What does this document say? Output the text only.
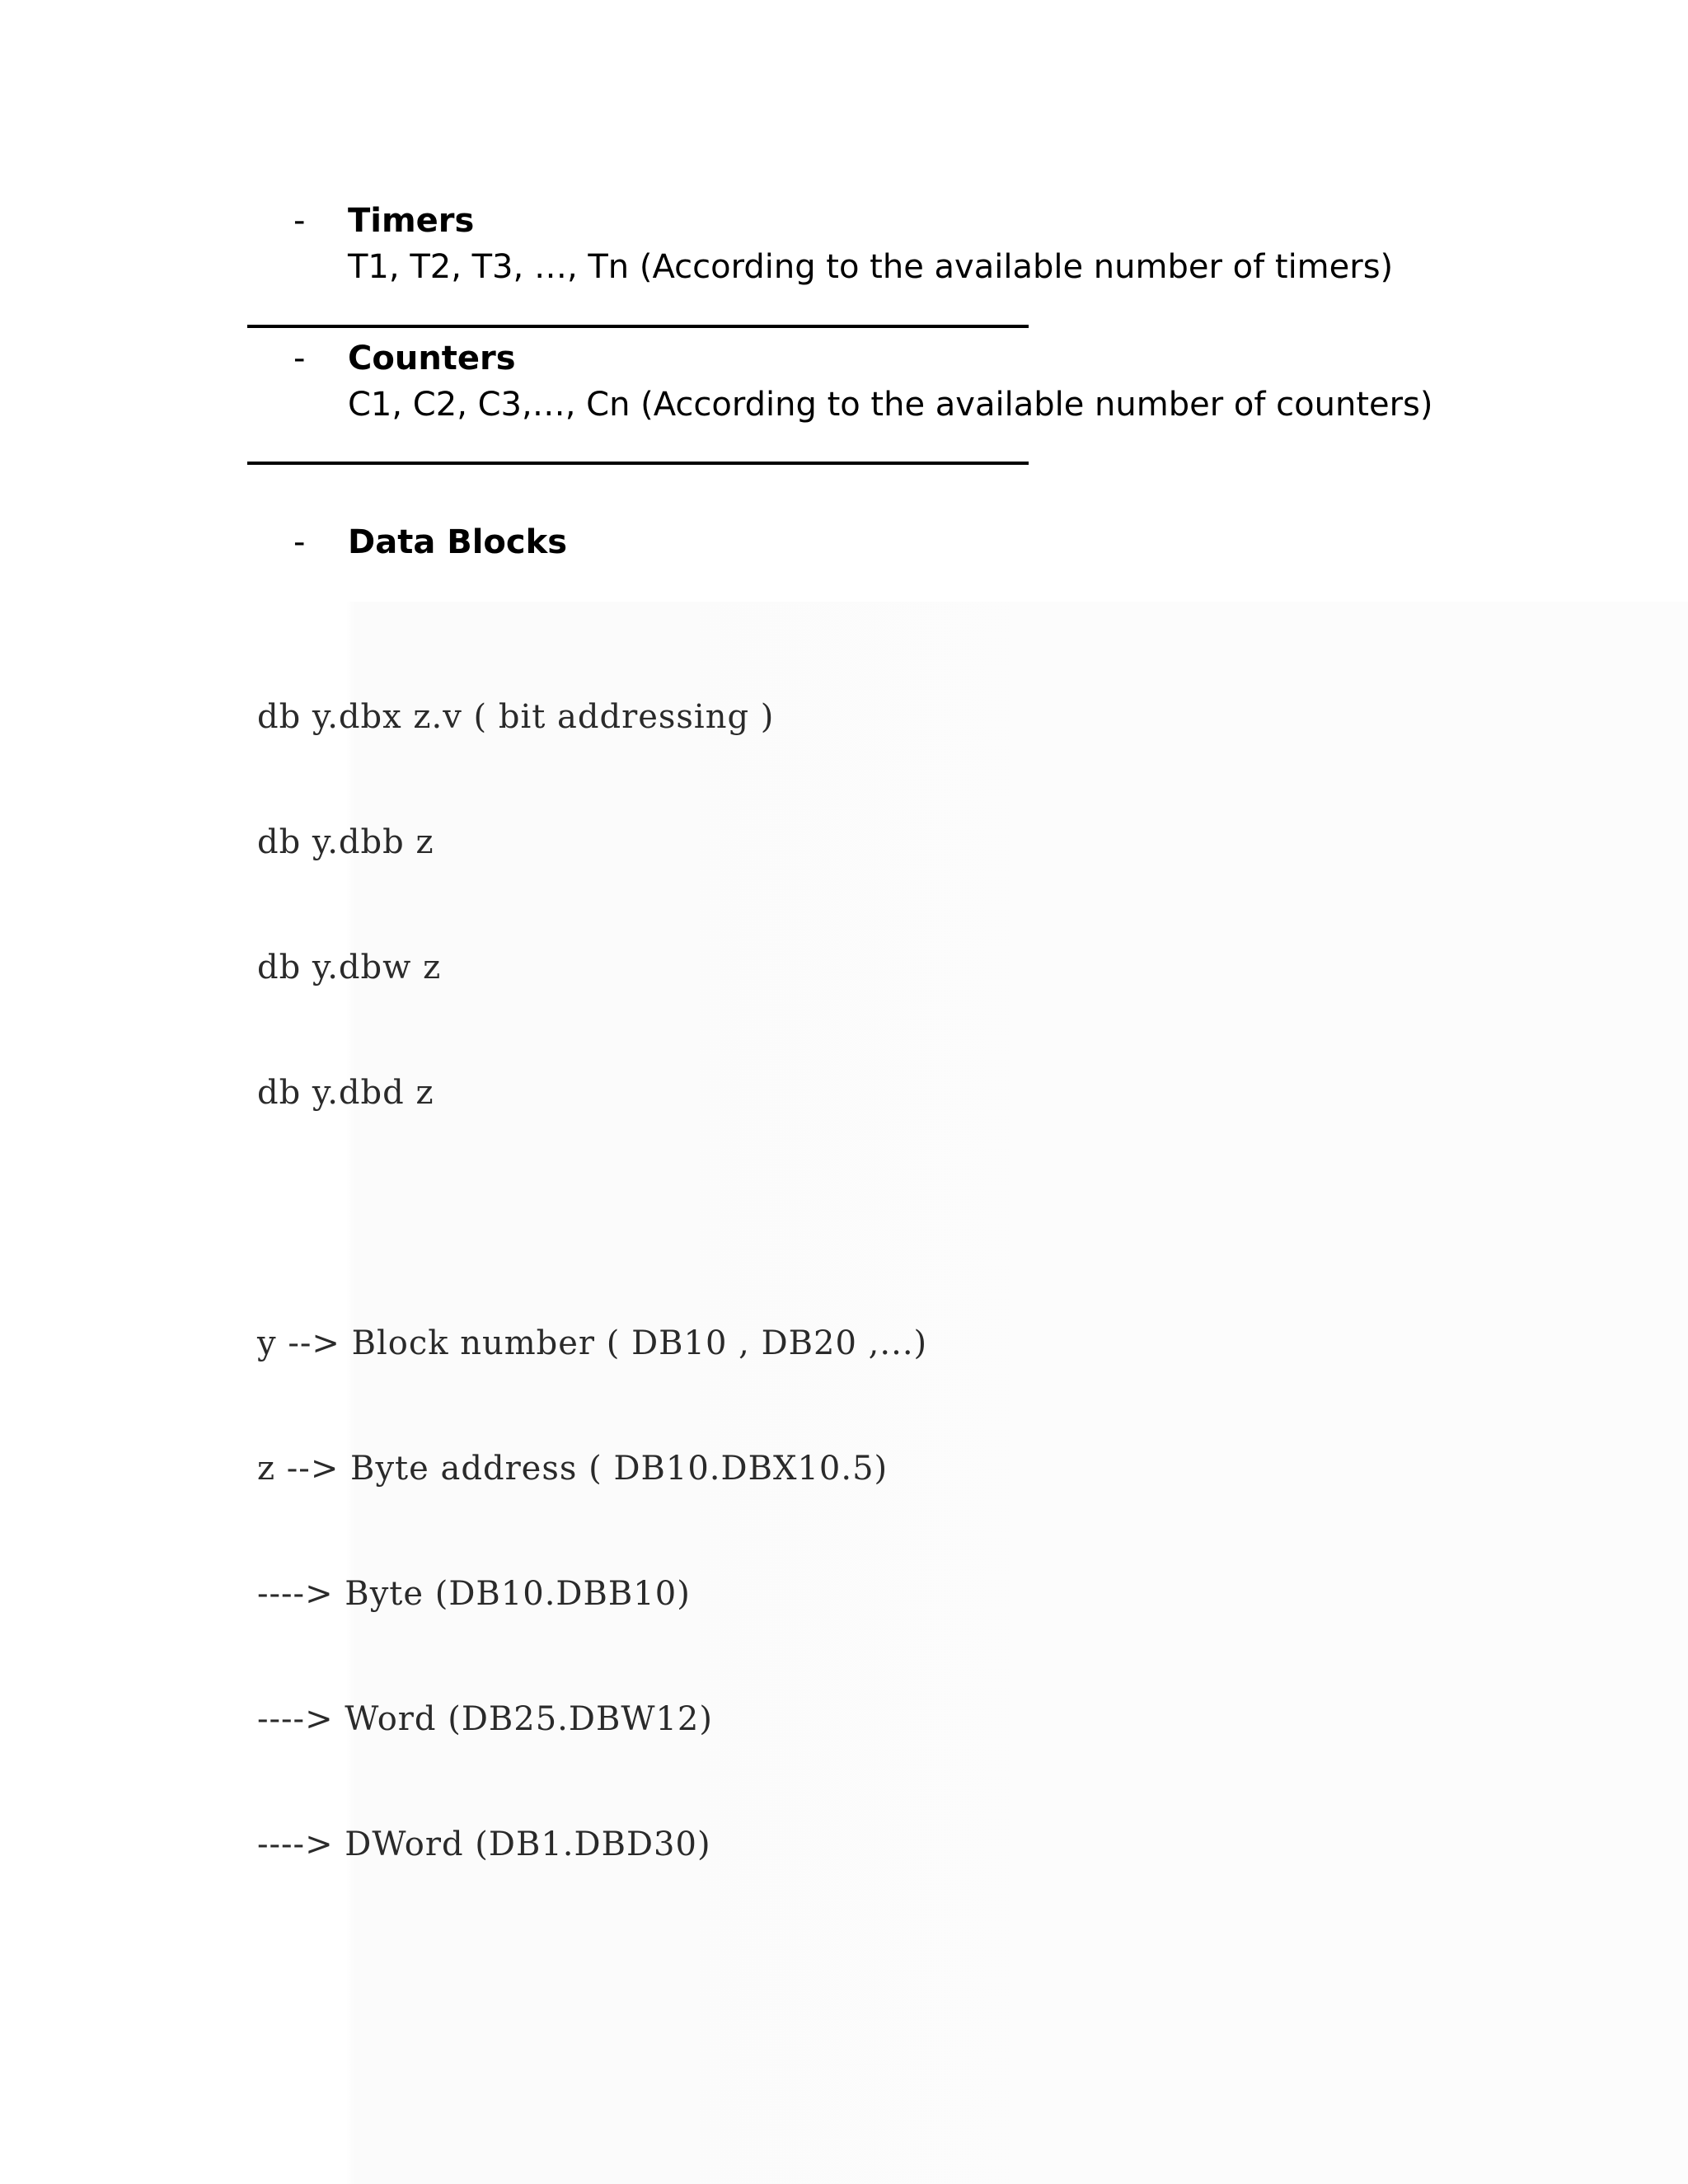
- Timers
T1, T2, T3, …, Tn (According to the available number of timers)
- Counters
C1, C2, C3,…, Cn (According to the available number of counters)
- Data Blocks

db y.dbx z.v ( bit addressing )

db y.dbb z

db y.dbw z

db y.dbd z

y --> Block number ( DB10 , DB20 ,...)

z --> Byte address ( DB10.DBX10.5)

----> Byte (DB10.DBB10)

----> Word (DB25.DBW12)

----> DWord (DB1.DBD30)
